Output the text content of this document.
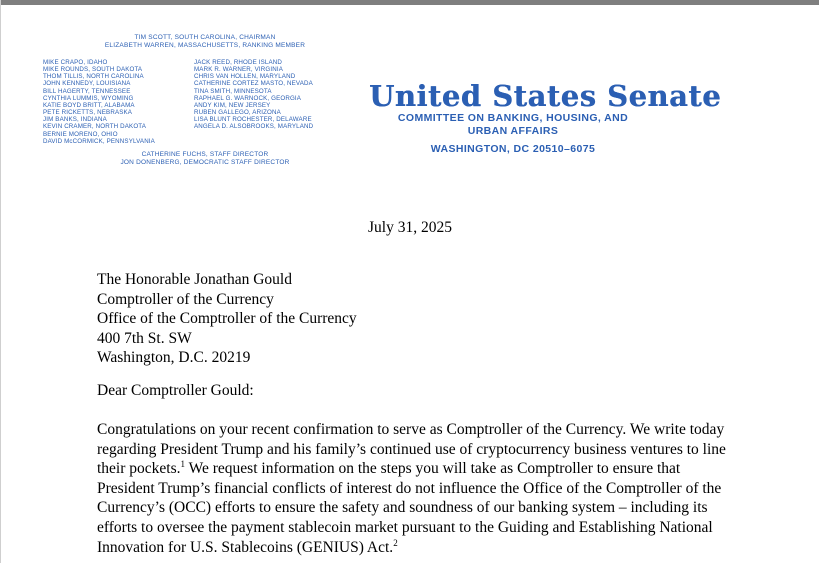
TIM SCOTT, SOUTH CAROLINA, CHAIRMAN
ELIZABETH WARREN, MASSACHUSETTS, RANKING MEMBER
MIKE CRAPO, IDAHO
MIKE ROUNDS, SOUTH DAKOTA
THOM TILLIS, NORTH CAROLINA
JOHN KENNEDY, LOUISIANA
BILL HAGERTY, TENNESSEE
CYNTHIA LUMMIS, WYOMING
KATIE BOYD BRITT, ALABAMA
PETE RICKETTS, NEBRASKA
JIM BANKS, INDIANA
KEVIN CRAMER, NORTH DAKOTA
BERNIE MORENO, OHIO
DAVID McCORMICK, PENNSYLVANIA
JACK REED, RHODE ISLAND
MARK R. WARNER, VIRGINIA
CHRIS VAN HOLLEN, MARYLAND
CATHERINE CORTEZ MASTO, NEVADA
TINA SMITH, MINNESOTA
RAPHAEL G. WARNOCK, GEORGIA
ANDY KIM, NEW JERSEY
RUBEN GALLEGO, ARIZONA
LISA BLUNT ROCHESTER, DELAWARE
ANGELA D. ALSOBROOKS, MARYLAND
CATHERINE FUCHS, STAFF DIRECTOR
JON DONENBERG, DEMOCRATIC STAFF DIRECTOR
United States Senate
COMMITTEE ON BANKING, HOUSING, AND
URBAN AFFAIRS
WASHINGTON, DC 20510–6075
July 31, 2025
The Honorable Jonathan Gould
Comptroller of the Currency
Office of the Comptroller of the Currency
400 7th St. SW
Washington, D.C. 20219
Dear Comptroller Gould:
Congratulations on your recent confirmation to serve as Comptroller of the Currency. We write today regarding President Trump and his family’s continued use of cryptocurrency business ventures to line their pockets.$^1$ We request information on the steps you will take as Comptroller to ensure that President Trump’s financial conflicts of interest do not influence the Office of the Comptroller of the Currency’s (OCC) efforts to ensure the safety and soundness of our banking system – including its efforts to oversee the payment stablecoin market pursuant to the Guiding and Establishing National Innovation for U.S. Stablecoins (GENIUS) Act.$^2$
